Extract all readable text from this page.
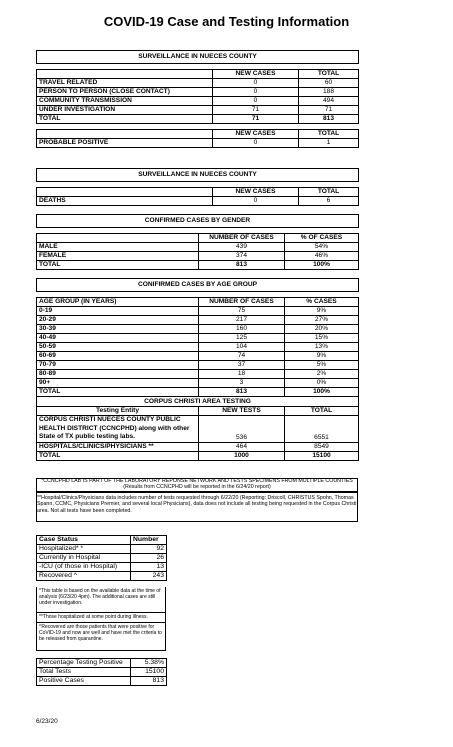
COVID-19 Case and Testing Information
SURVEILLANCE IN NUECES COUNTY		

	NEW CASES	TOTAL
TRAVEL RELATED	0	60
PERSON TO PERSON (CLOSE CONTACT)	0	188
COMMUNITY TRANSMISSION	0	494
UNDER INVESTIGATION	71	71
TOTAL	71	813

	NEW CASES	TOTAL
PROBABLE POSITIVE	0	1
SURVEILLANCE IN NUECES COUNTY		

	NEW CASES	TOTAL
DEATHS	0	6
CONFIRMED CASES BY GENDER		

	NUMBER OF CASES	% OF CASES
MALE	439	54%
FEMALE	374	46%
TOTAL	813	100%
CONIFIRMED CASES BY AGE GROUP		

AGE GROUP (IN YEARS)	NUMBER OF CASES	% CASES
0-19	75	9%
20-29	217	27%
30-39	160	20%
40-49	125	15%
50-59	104	13%
60-69	74	9%
70-79	37	5%
80-89	18	2%
90+	3	0%
TOTAL	813	100%
CORPUS CHRISTI AREA TESTING		
Testing Entity	NEW TESTS	TOTAL

CORPUS CHRISTI NUECES COUNTY PUBLIC
HEALTH DISTRICT (CCNCPHD) along with other
State of TX public testing labs.	536	6551
HOSPITALS/CLINICS/PHYSICIANS **	464	8549
TOTAL	1000	15100
*CCNCPHD LAB IS PART OF THE LABORATORY REPONSE NETWORK AND TESTS SPECIMENS FROM MULTIPLE COUNTIES
(Results from CCNCPHD will be reported in the 6/24/20 report)
**Hospital/Clinics/Physicians data includes number of tests requested through 6/22/20 (Reporting: Driscoll, CHRISTUS Spohn, Thomas Spann, CCMC, Physicians Premier, and several local Physicians), data does not include all testing being requested in the Corpus Christi area. Not all tests have been completed.
Case Status	Number
Hospitalized* *	92
Currently in Hospital	26
-ICU (of those in Hospital)	13
Recovered ^	243
*This table is based on the available data at the time of analysis (6/23/20 4pm). The additional cases are still under investigation.
**Those hospitalized at some point during illness.
^Recovered are those patients that were positive for CoVID-19 and now are well and have met the criteria to be released from quarantine.
Percentage Testing Positive	5.38%
Total Tests	15100
Positive Cases	813
6/23/20
